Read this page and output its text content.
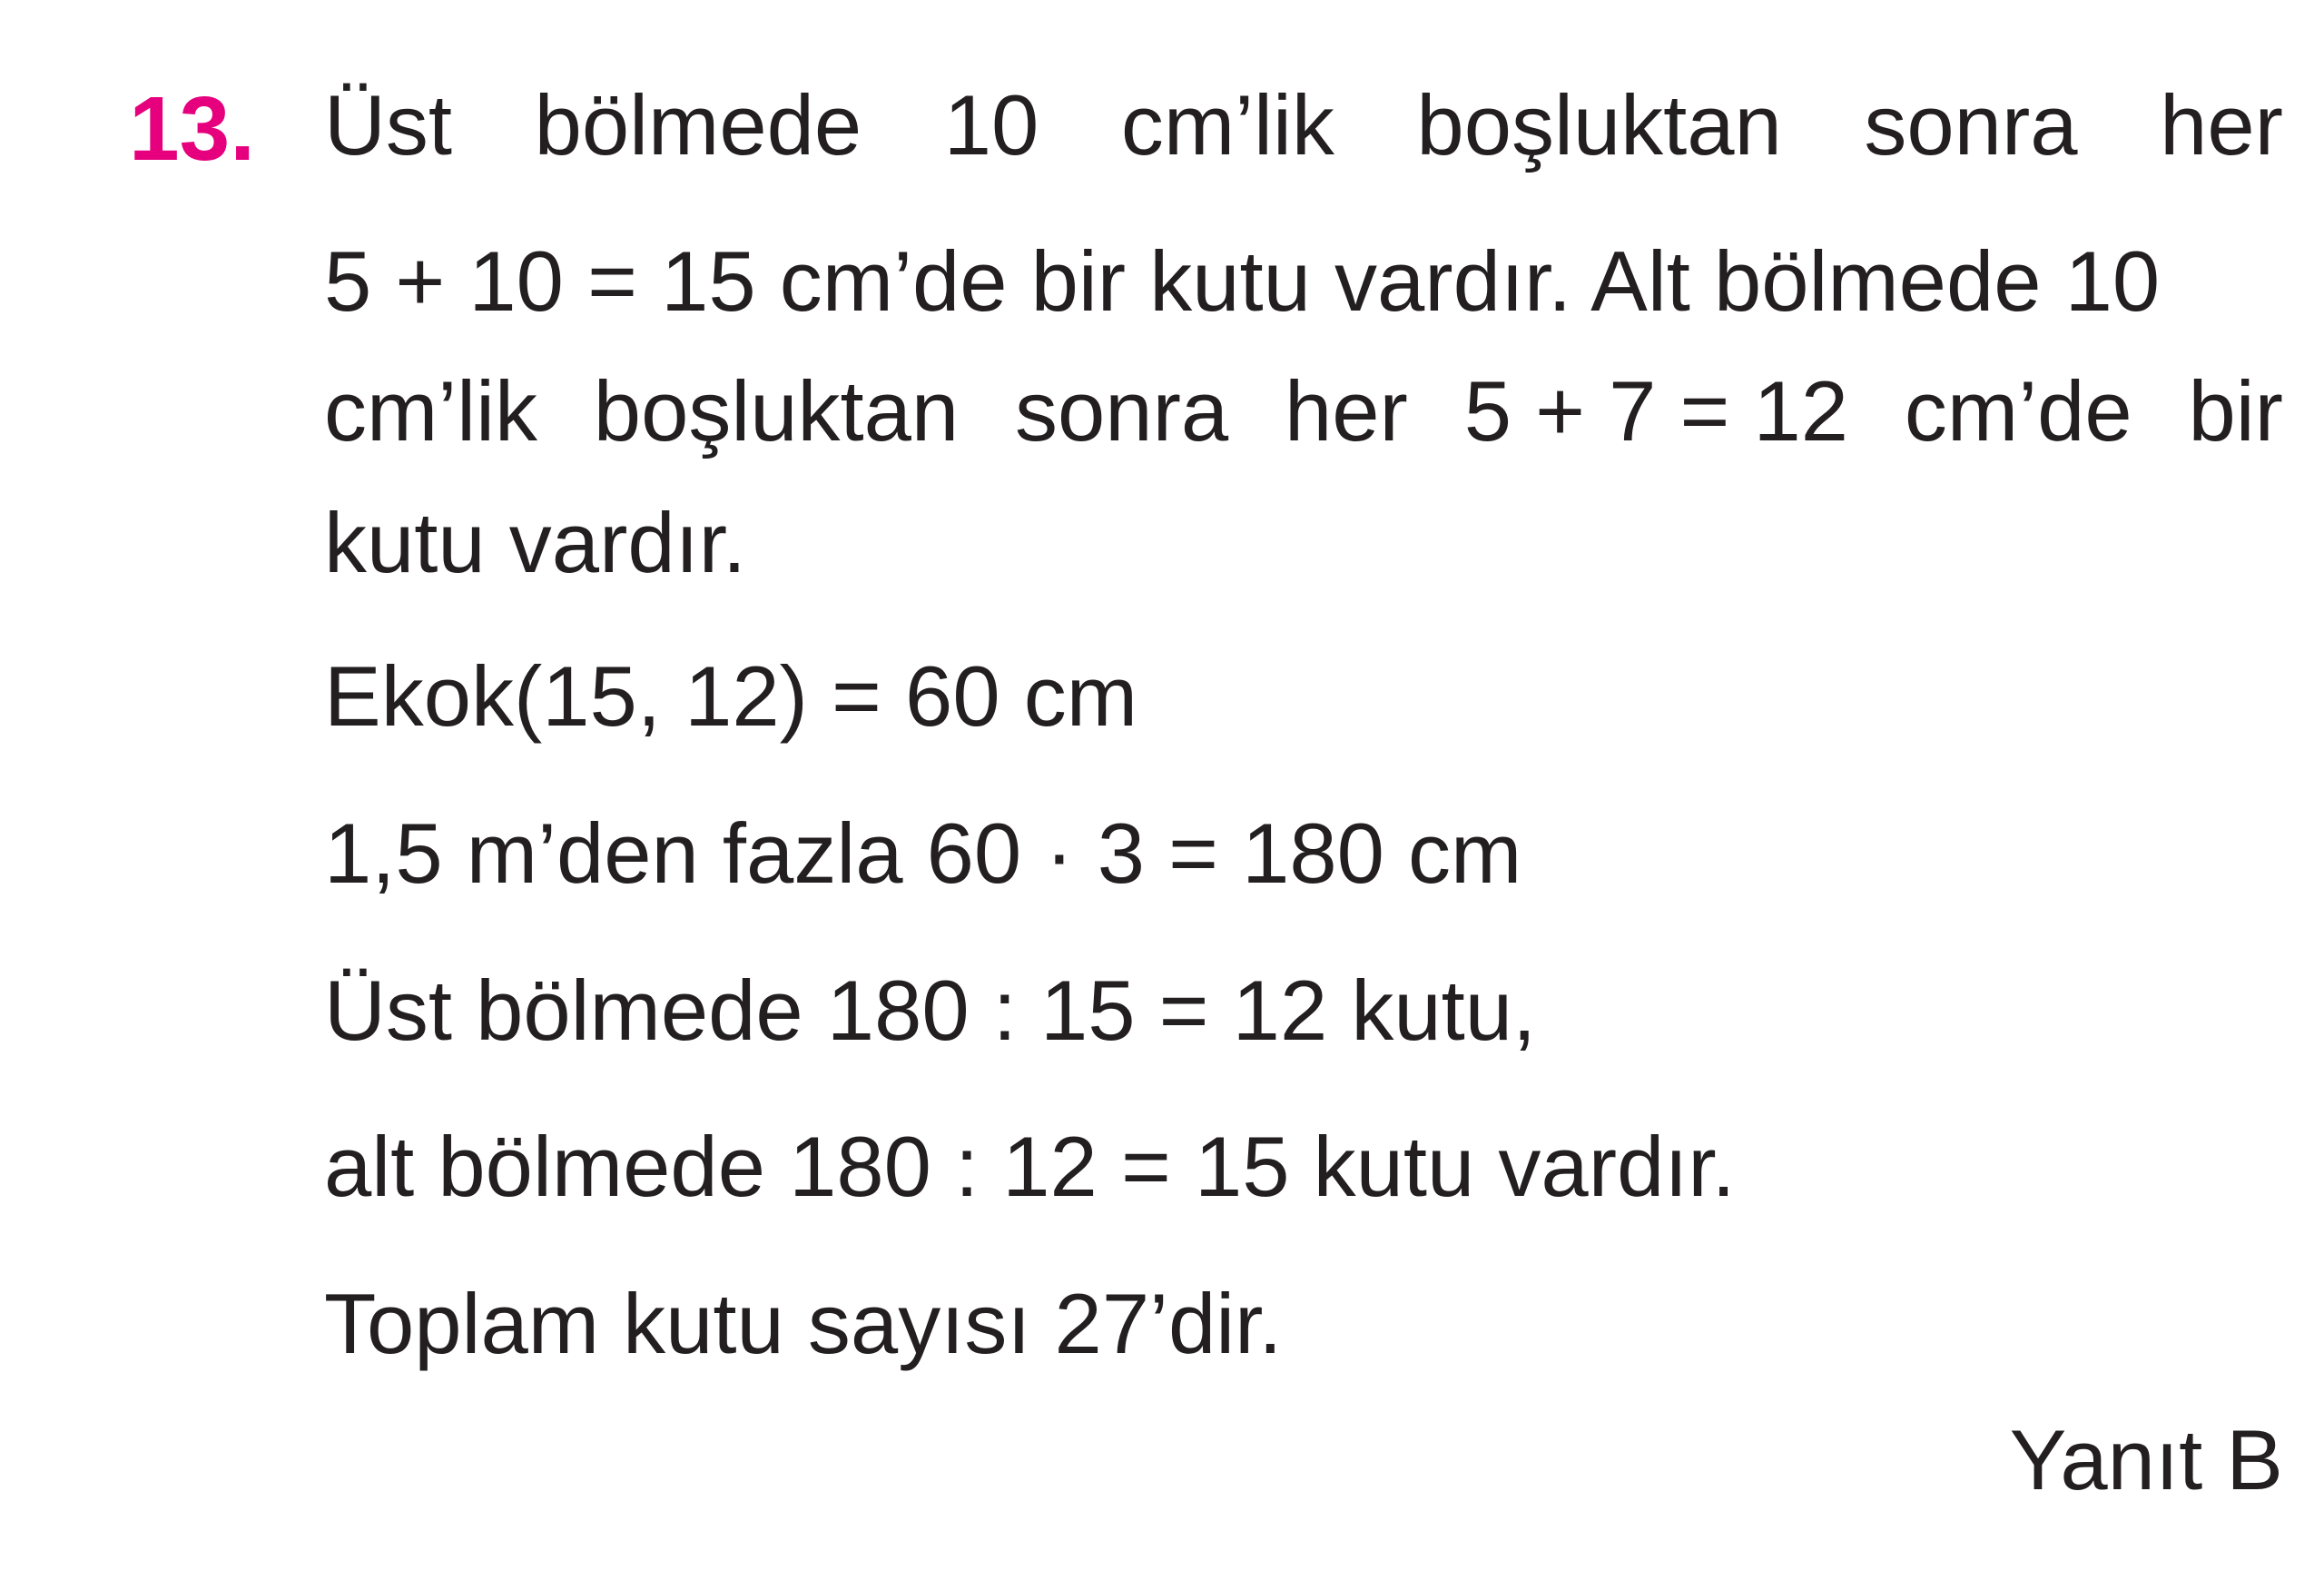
13. Üst bölmede 10 cm’lik boşluktan sonra her
5 + 10 = 15 cm’de bir kutu vardır. Alt bölmede 10
cm’lik boşluktan sonra her 5 + 7 = 12 cm’de bir
kutu vardır.
Ekok(15, 12) = 60 cm
1,5 m’den fazla 60 · 3 = 180 cm
Üst bölmede 180 : 15 = 12 kutu,
alt bölmede 180 : 12 = 15 kutu vardır.
Toplam kutu sayısı 27’dir.
Yanıt B
